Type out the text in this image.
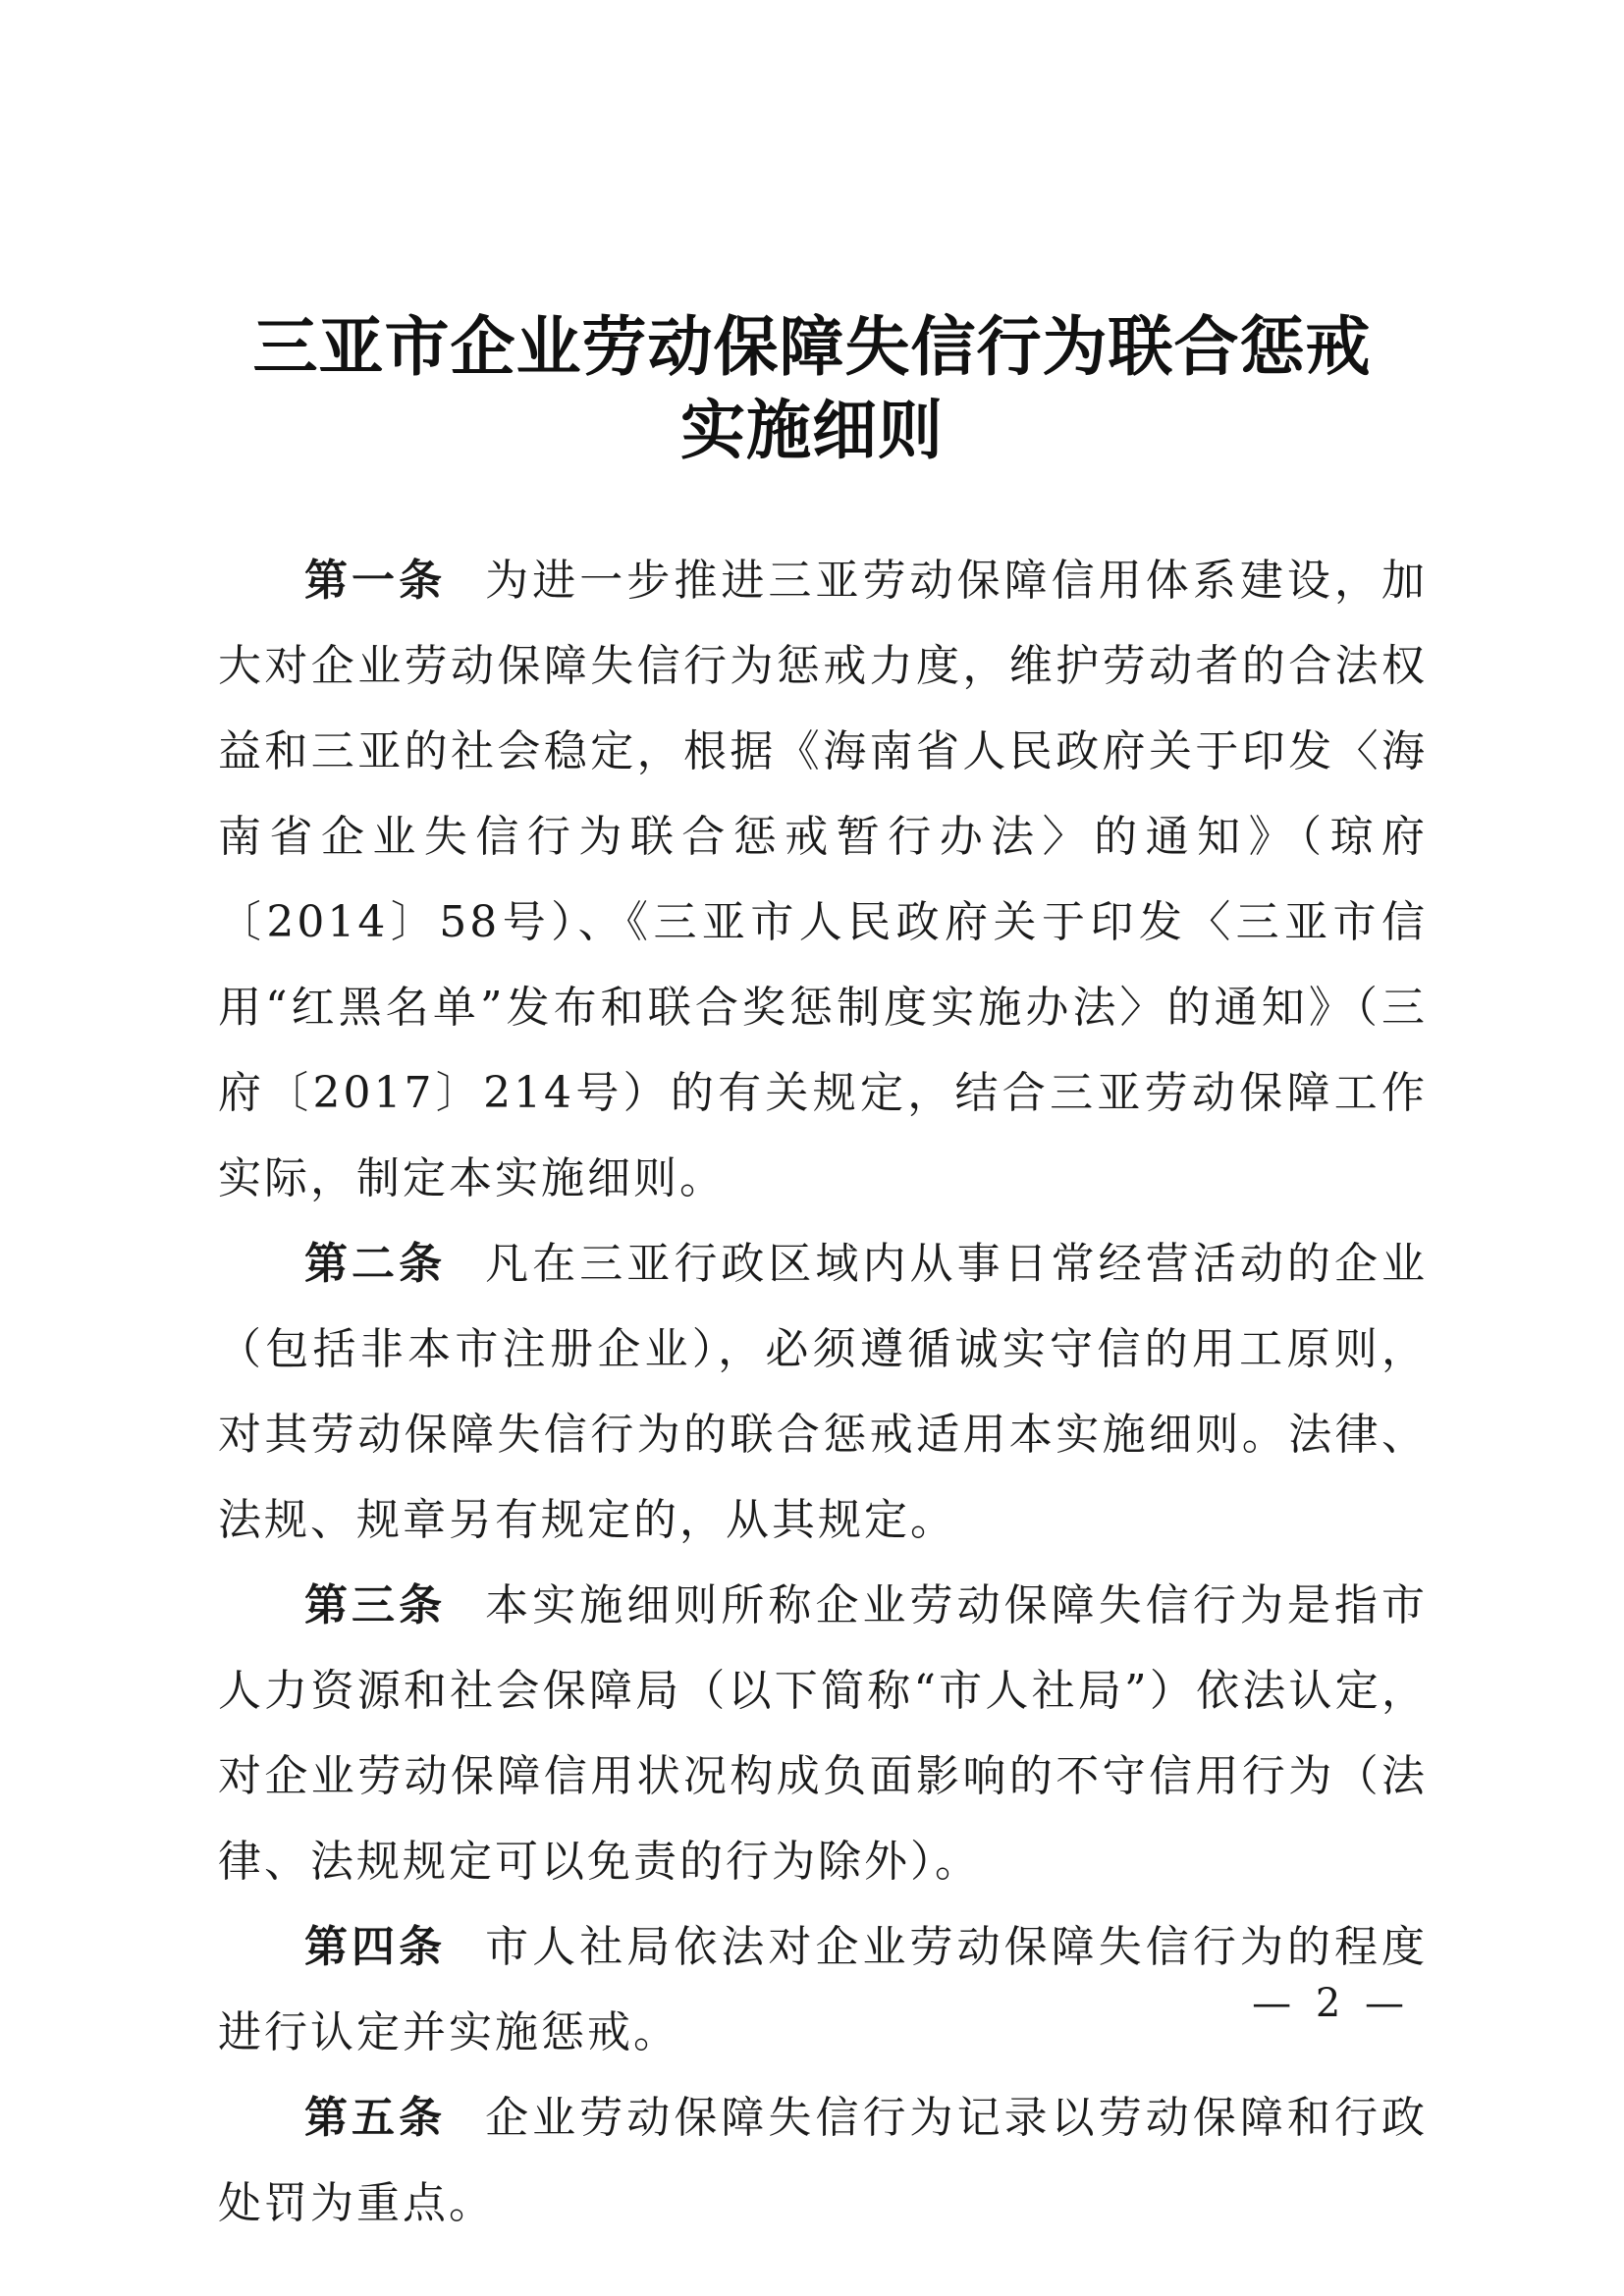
三亚市企业劳动保障失信行为联合惩戒
实施细则

第一条 为进一步推进三亚劳动保障信用体系建设，加大对企业劳动保障失信行为惩戒力度，维护劳动者的合法权益和三亚的社会稳定，根据《海南省人民政府关于印发〈海南省企业失信行为联合惩戒暂行办法〉的通知》（琼府〔2014〕58号）、《三亚市人民政府关于印发〈三亚市信用“红黑名单”发布和联合奖惩制度实施办法〉的通知》（三府〔2017〕214号）的有关规定，结合三亚劳动保障工作实际，制定本实施细则。

第二条 凡在三亚行政区域内从事日常经营活动的企业（包括非本市注册企业），必须遵循诚实守信的用工原则，对其劳动保障失信行为的联合惩戒适用本实施细则。法律、法规、规章另有规定的，从其规定。

第三条 本实施细则所称企业劳动保障失信行为是指市人力资源和社会保障局（以下简称“市人社局”）依法认定，对企业劳动保障信用状况构成负面影响的不守信用行为（法律、法规规定可以免责的行为除外）。

第四条 市人社局依法对企业劳动保障失信行为的程度进行认定并实施惩戒。

第五条 企业劳动保障失信行为记录以劳动保障和行政处罚为重点。

— 2 —
